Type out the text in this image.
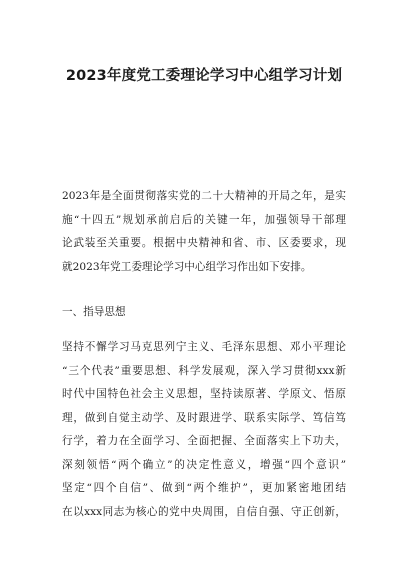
2023年度党工委理论学习中心组学习计划
2023年是全面贯彻落实党的二十大精神的开局之年，是实
施“十四五”规划承前启后的关键一年，加强领导干部理
论武装至关重要。根据中央精神和省、市、区委要求，现
就2023年党工委理论学习中心组学习作出如下安排。

一、指导思想

坚持不懈学习马克思列宁主义、毛泽东思想、邓小平理论
“三个代表”重要思想、科学发展观，深入学习贯彻xxx新
时代中国特色社会主义思想，坚持读原著、学原文、悟原
理，做到自觉主动学、及时跟进学、联系实际学、笃信笃
行学，着力在全面学习、全面把握、全面落实上下功夫，
深刻领悟“两个确立”的决定性意义，增强“四个意识”
坚定“四个自信”、做到“两个维护”，更加紧密地团结
在以xxx同志为核心的党中央周围，自信自强、守正创新，
